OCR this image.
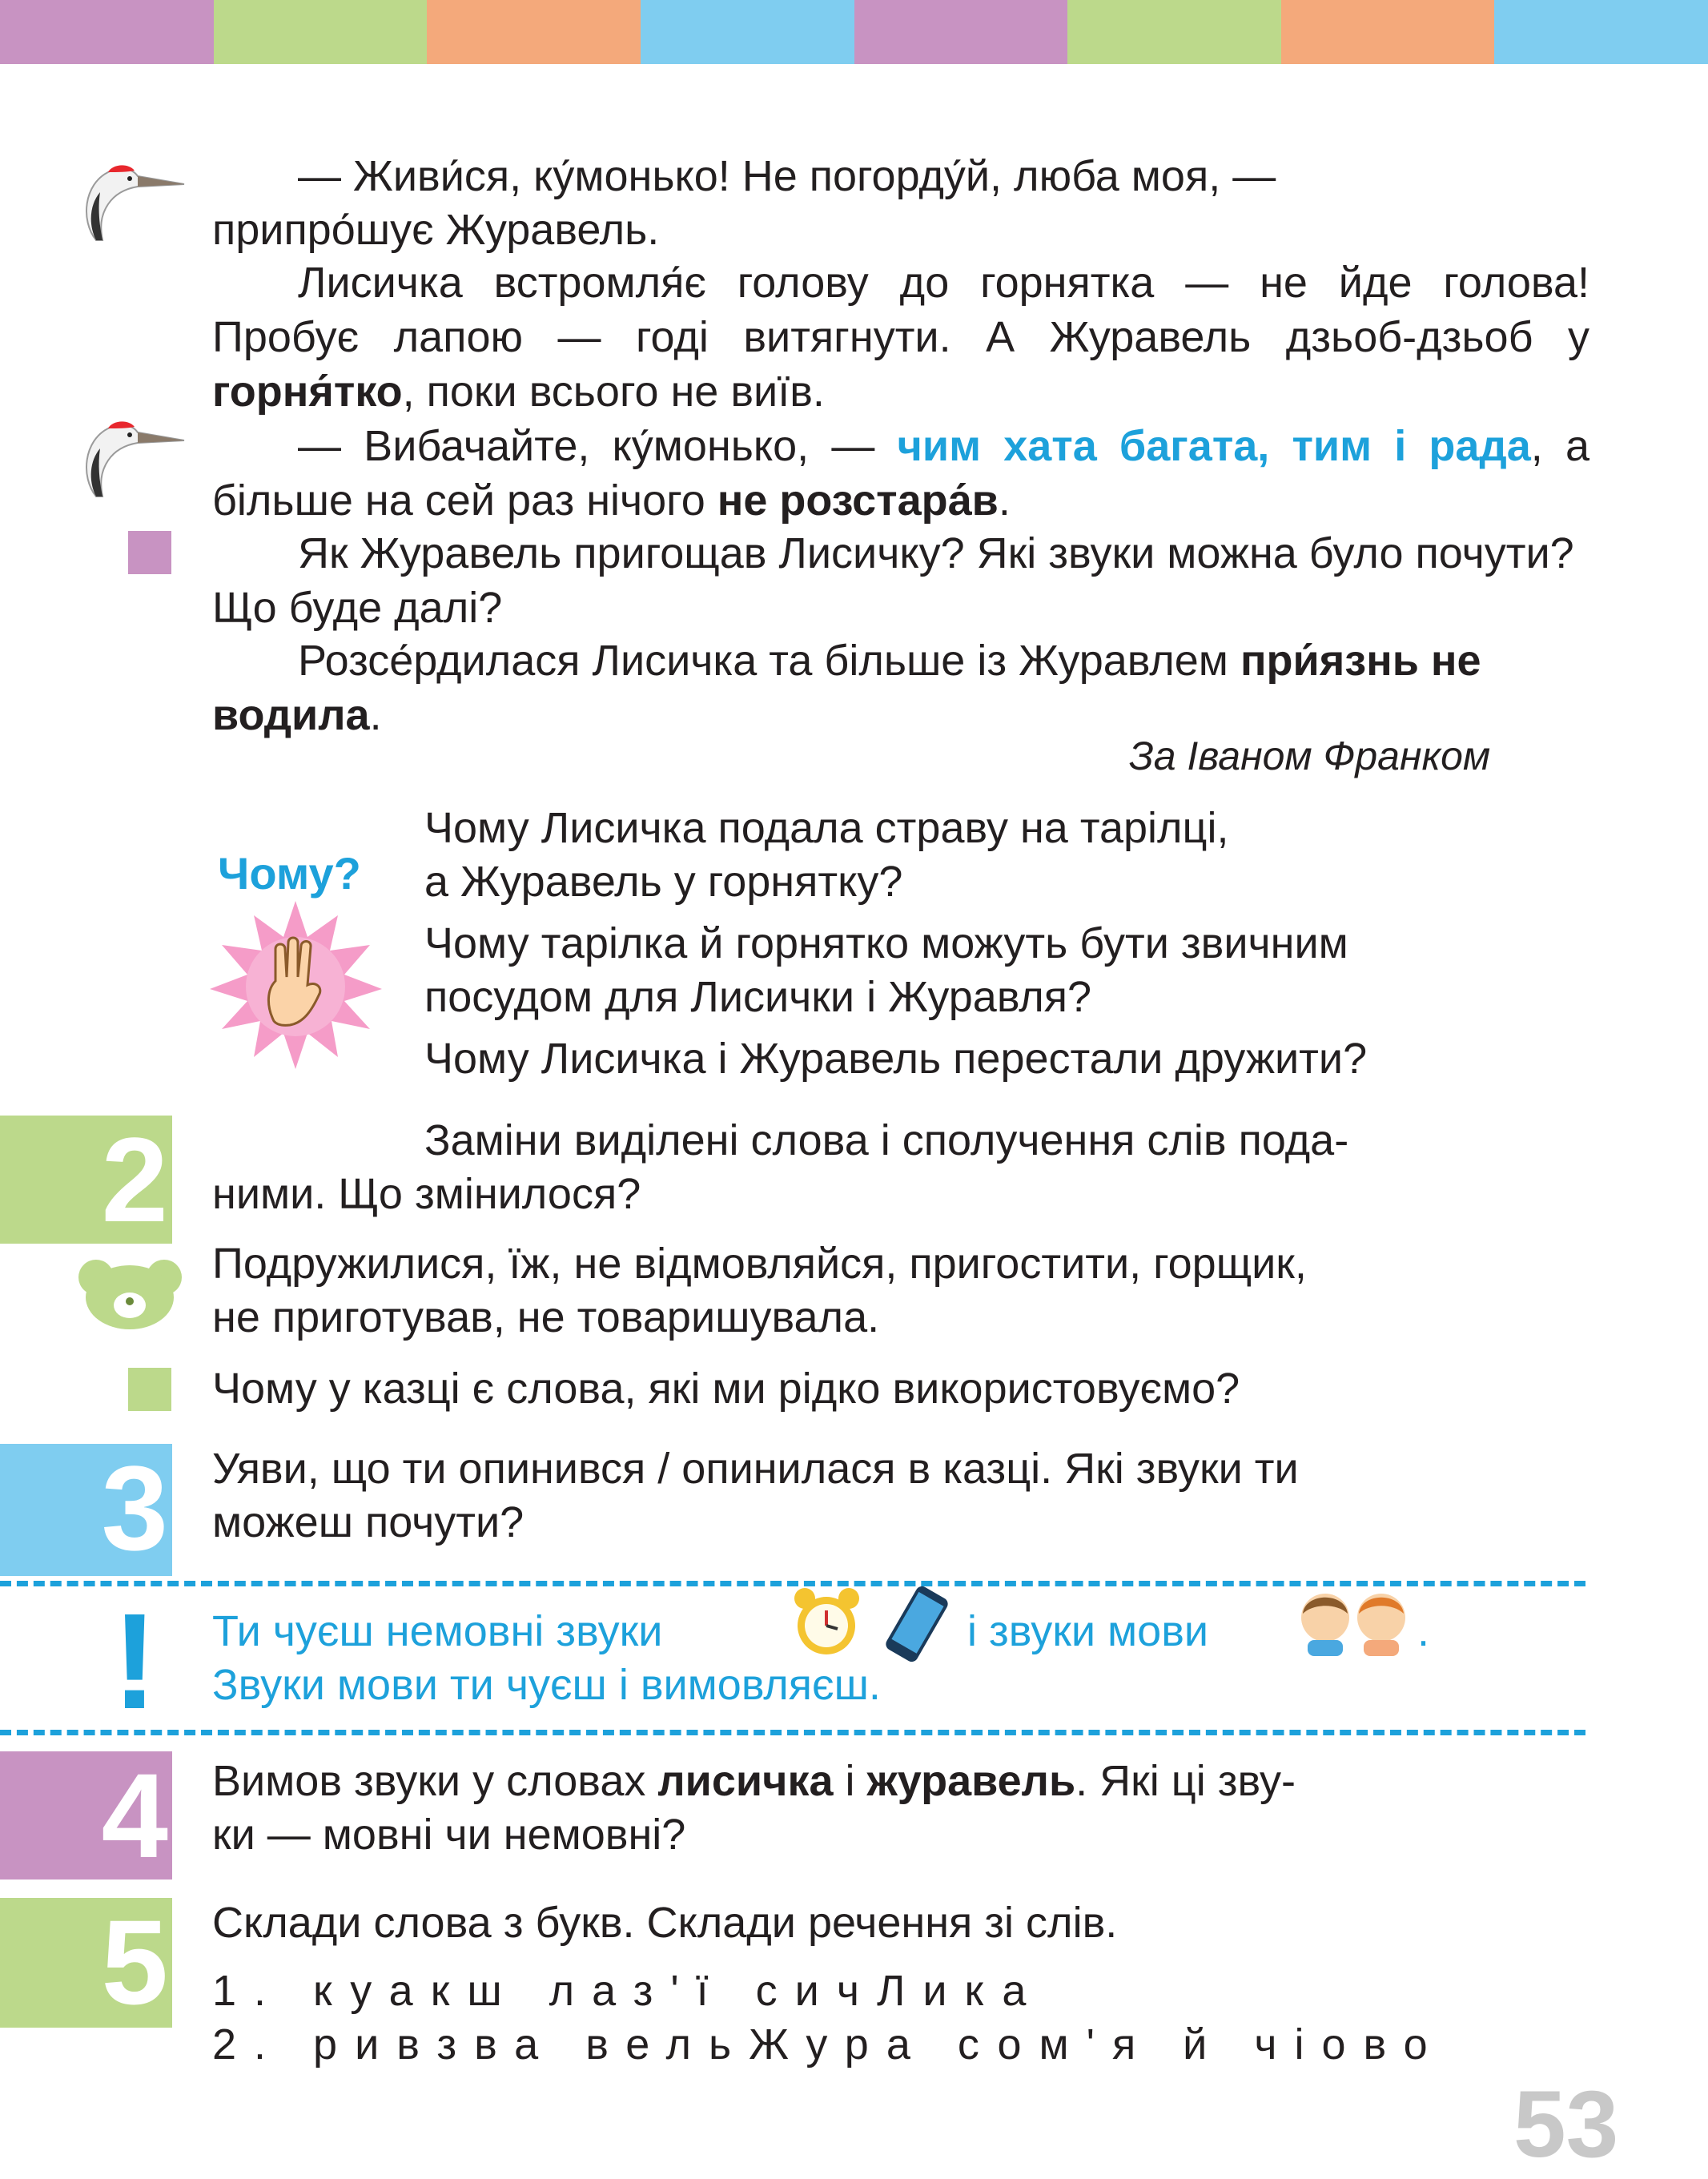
— Живи́ся, ку́монько! Не погорду́й, люба моя, —
припро́шує Журавель.
Лисичка встромля́є голову до горнятка — не йде голова! Пробує лапою — годі витягнути. А Журавель дзьоб-дзьоб у горня́тко, поки всього не виїв.
— Вибачайте, ку́монько, — чим хата багата, тим і рада, а більше на сей раз нічого не розстара́в.
Як Журавель пригощав Лисичку? Які звуки можна було почути? Що буде далі?
Розсе́рдилася Лисичка та більше із Журавлем при́язнь не водила.
За Іваном Франком
Чому?
Чому Лисичка подала страву на тарілці,
а Журавель у горнятку?
Чому тарілка й горнятко можуть бути звичним
посудом для Лисички і Журавля?
Чому Лисичка і Журавель перестали дружити?
2	Заміни виділені слова і сполучення слів пода-
ними. Що змінилося?
Подружилися, їж, не відмовляйся, пригостити, горщик,
не приготував, не товаришувала.
Чому у казці є слова, які ми рідко використовуємо?
3 Уяви, що ти опинився / опинилася в казці. Які звуки ти
можеш почути?
! Ти чуєш немовні звуки	і звуки мови	.
Звуки мови ти чуєш і вимовляєш.
4 Вимов звуки у словах лисичка і журавель. Які ці зву-
ки — мовні чи немовні?
5 Склади слова з букв. Склади речення зі слів.
1. куакш лаз'ї сичЛика
2. ривзва вельЖура сом'я й чіово
53
